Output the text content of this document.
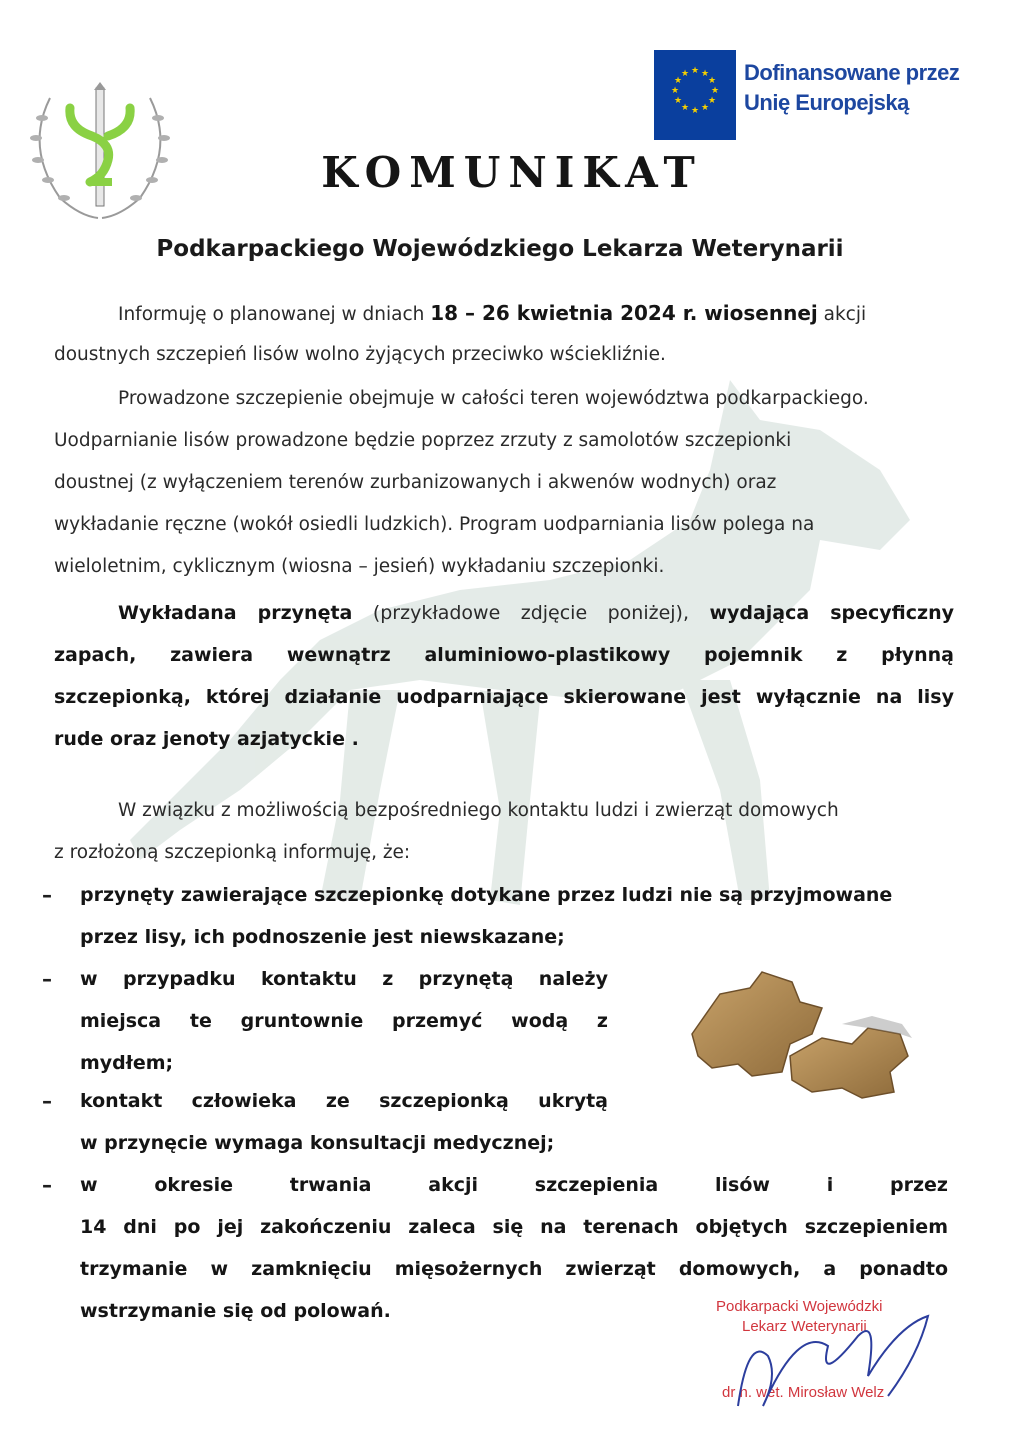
★ ★
★
★
★
★
★
★
★
★
★
★ Dofinansowane przez
Unię Europejską
KOMUNIKAT
Podkarpackiego Wojewódzkiego Lekarza Weterynarii
Informuję o planowanej w dniach 18 – 26 kwietnia 2024 r. wiosennej akcji
doustnych szczepień lisów wolno żyjących przeciwko wściekliźnie.
Prowadzone szczepienie obejmuje w całości teren województwa podkarpackiego.
Uodparnianie lisów prowadzone będzie poprzez zrzuty z samolotów szczepionki
doustnej (z wyłączeniem terenów zurbanizowanych i akwenów wodnych) oraz
wykładanie ręczne (wokół osiedli ludzkich). Program uodparniania lisów polega na
wieloletnim, cyklicznym (wiosna – jesień) wykładaniu szczepionki.
Wykładana przynęta (przykładowe zdjęcie poniżej), wydająca specyficzny
zapach, zawiera wewnątrz aluminiowo-plastikowy pojemnik z płynną
szczepionką, której działanie uodparniające skierowane jest wyłącznie na lisy
rude oraz jenoty azjatyckie .
W związku z możliwością bezpośredniego kontaktu ludzi i zwierząt domowych
z rozłożoną szczepionką informuję, że:
– przynęty zawierające szczepionkę dotykane przez ludzi nie są przyjmowane
przez lisy, ich podnoszenie jest niewskazane;
– w przypadku kontaktu z przynętą należy
miejsca te gruntownie przemyć wodą z
mydłem;
– kontakt człowieka ze szczepionką ukrytą
w przynęcie wymaga konsultacji medycznej;
– w okresie trwania akcji szczepienia lisów i przez
14 dni po jej zakończeniu zaleca się na terenach objętych szczepieniem
trzymanie w zamknięciu mięsożernych zwierząt domowych, a ponadto
wstrzymanie się od polowań.	Podkarpacki Wojewódzki
Lekarz Weterynarii
dr n. wet. Mirosław Welz
